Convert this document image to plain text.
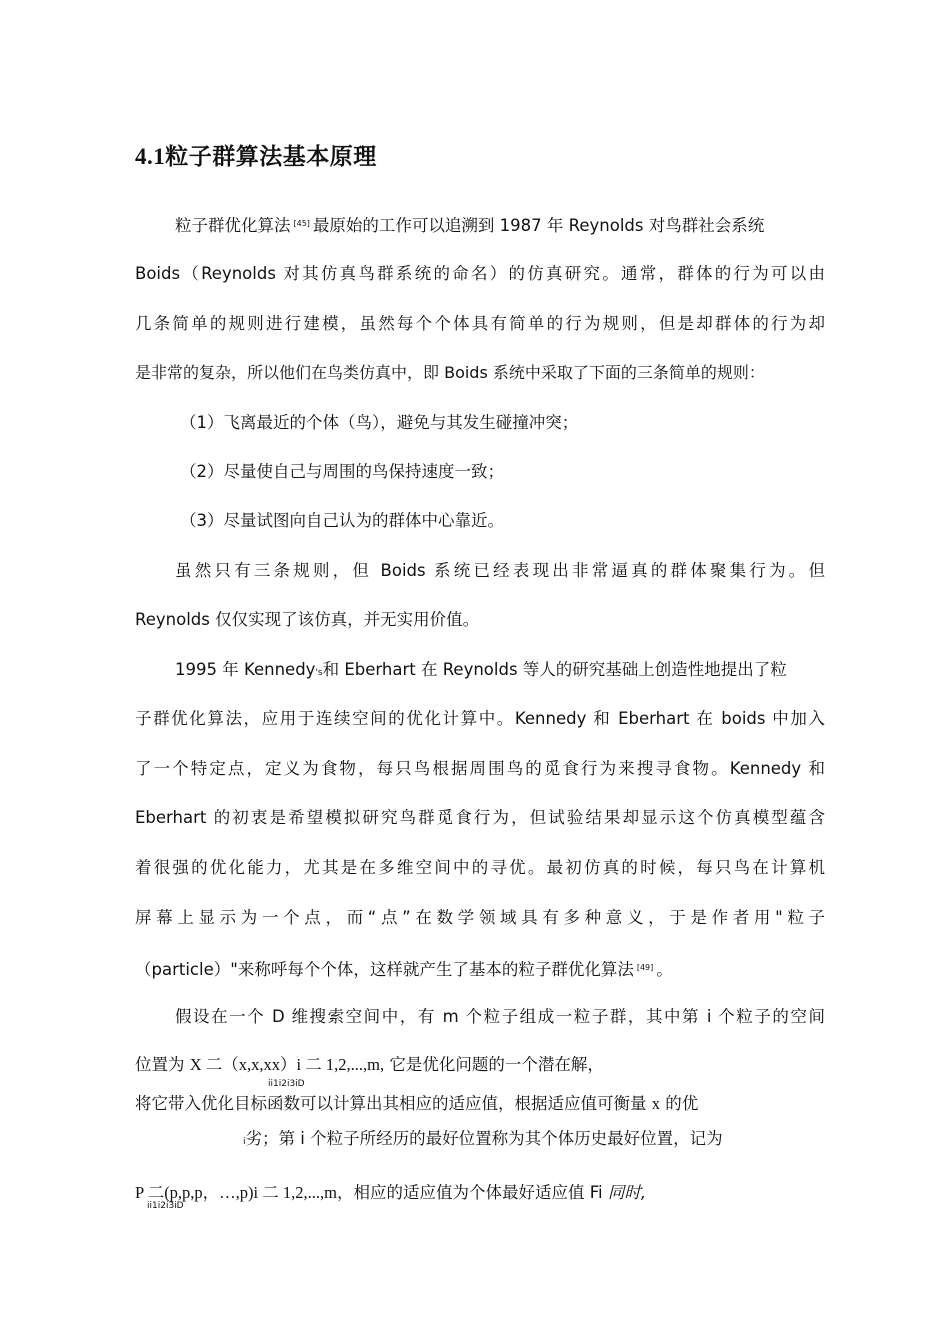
4.1粒子群算法基本原理
粒子群优化算法 [45] 最原始的工作可以追溯到 1987 年 Reynolds 对鸟群社会系统
Boids（Reynolds 对其仿真鸟群系统的命名）的仿真研究。通常，群体的行为可以由
几条简单的规则进行建模，虽然每个个体具有简单的行为规则，但是却群体的行为却
是非常的复杂，所以他们在鸟类仿真中，即 Boids 系统中采取了下面的三条简单的规则：
（1）飞离最近的个体（鸟），避免与其发生碰撞冲突；
（2）尽量使自己与周围的鸟保持速度一致；
（3）尽量试图向自己认为的群体中心靠近。
虽然只有三条规则，但 Boids 系统已经表现出非常逼真的群体聚集行为。但
Reynolds 仅仅实现了该仿真，并无实用价值。
1995 年 Kennedy's和 Eberhart 在 Reynolds 等人的研究基础上创造性地提出了粒
子群优化算法，应用于连续空间的优化计算中。Kennedy 和 Eberhart 在 boids 中加入
了一个特定点，定义为食物，每只鸟根据周围鸟的觅食行为来搜寻食物。Kennedy 和
Eberhart 的初衷是希望模拟研究鸟群觅食行为，但试验结果却显示这个仿真模型蕴含
着很强的优化能力，尤其是在多维空间中的寻优。最初仿真的时候，每只鸟在计算机
屏幕上显示为一个点，而“点”在数学领域具有多种意义，于是作者用"粒子
（particle）"来称呼每个个体，这样就产生了基本的粒子群优化算法 [49] 。
假设在一个 D 维搜索空间中，有 m 个粒子组成一粒子群，其中第 i 个粒子的空间
位置为 X 二（x,x,xx）i 二 1,2,...,m, 它是优化问题的一个潜在解，
ii1i2i3iD
将它带入优化目标函数可以计算出其相应的适应值，根据适应值可衡量 x 的优
i劣；第 i 个粒子所经历的最好位置称为其个体历史最好位置，记为
P 二(p,p,p，…,p)i 二 1,2,...,m，相应的适应值为个体最好适应值 Fi 同时,
ii1i2i3iD
